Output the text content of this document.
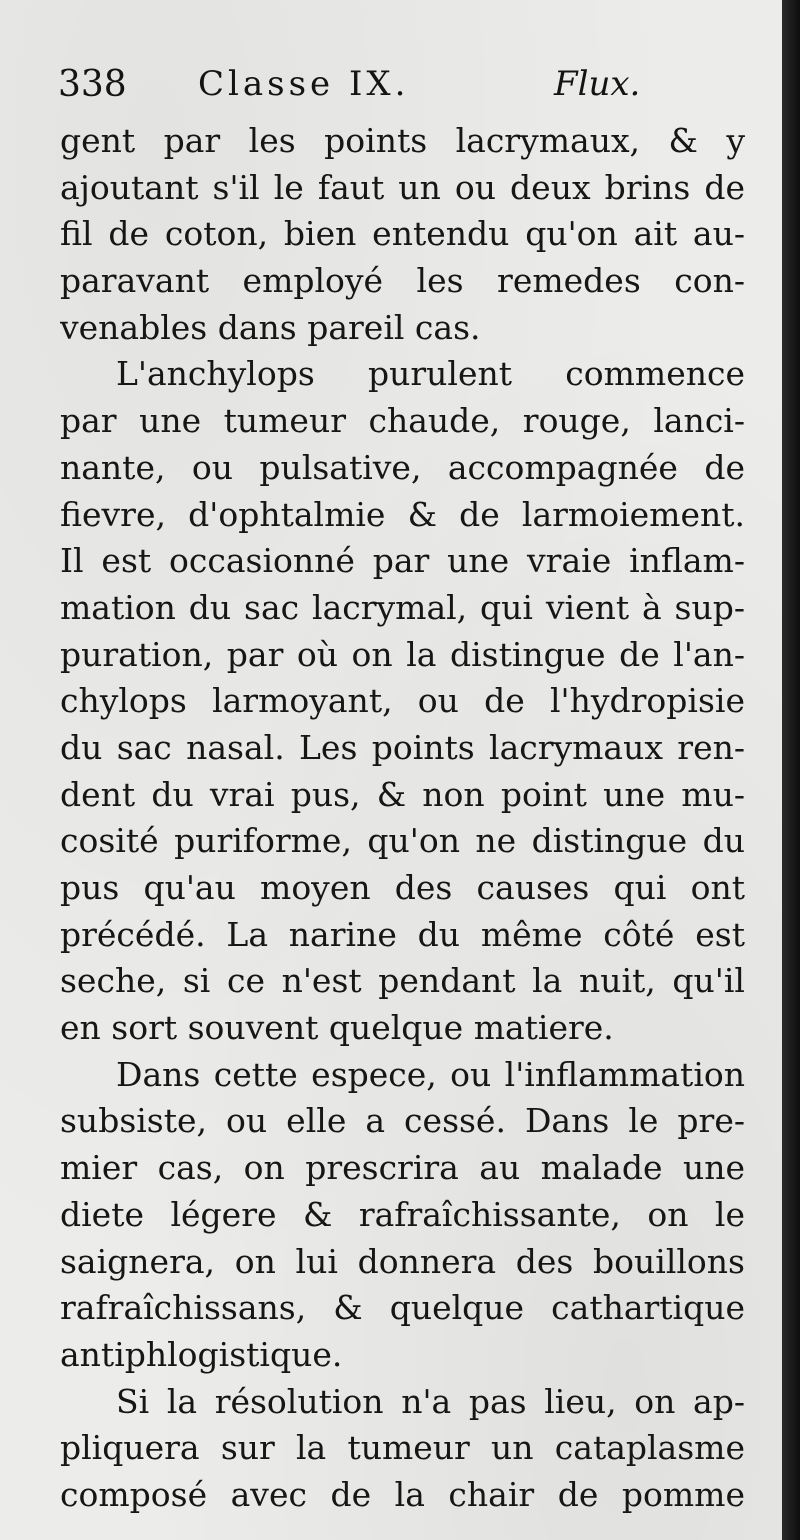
338 Classe IX.	Flux.
gent par les points lacrymaux, & y
ajoutant s'il le faut un ou deux brins de
fil de coton, bien entendu qu'on ait au-
paravant employé les remedes con-
venables dans pareil cas.
L'anchylops purulent commence
par une tumeur chaude, rouge, lanci-
nante, ou pulsative, accompagnée de
fievre, d'ophtalmie & de larmoiement.
Il est occasionné par une vraie inflam-
mation du sac lacrymal, qui vient à sup-
puration, par où on la distingue de l'an-
chylops larmoyant, ou de l'hydropisie
du sac nasal. Les points lacrymaux ren-
dent du vrai pus, & non point une mu-
cosité puriforme, qu'on ne distingue du
pus qu'au moyen des causes qui ont
précédé. La narine du même côté est
seche, si ce n'est pendant la nuit, qu'il
en sort souvent quelque matiere.
Dans cette espece, ou l'inflammation
subsiste, ou elle a cessé. Dans le pre-
mier cas, on prescrira au malade une
diete légere & rafraîchissante, on le
saignera, on lui donnera des bouillons
rafraîchissans, & quelque cathartique
antiphlogistique.
Si la résolution n'a pas lieu, on ap-
pliquera sur la tumeur un cataplasme
composé avec de la chair de pomme
